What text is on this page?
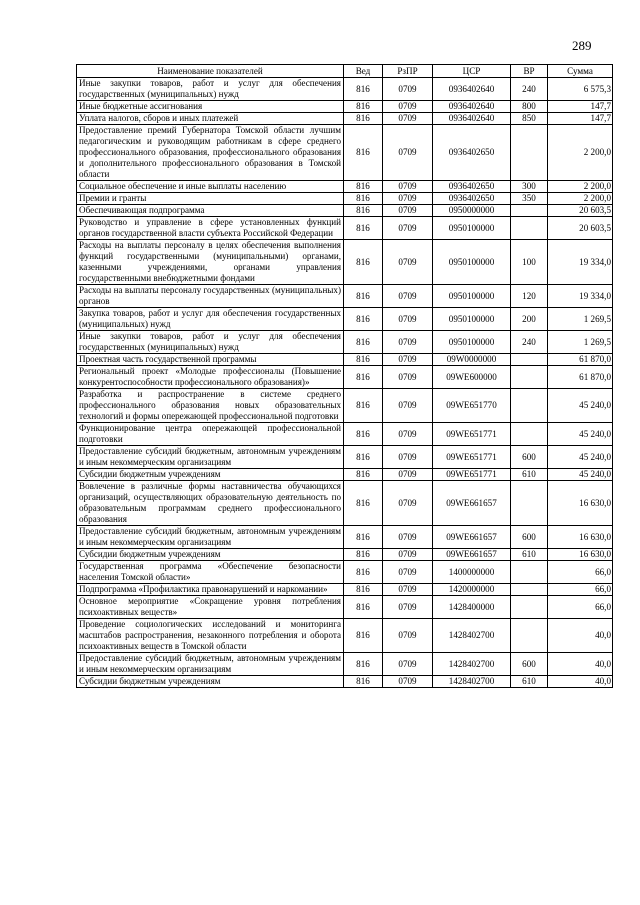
289
Наименование показателей	Вед	РзПР	ЦСР	ВР	Сумма
Иные закупки товаров, работ и услуг для обеспечения государственных (муниципальных) нужд	816	0709	0936402640	240	6 575,3
Иные бюджетные ассигнования	816	0709	0936402640	800	147,7
Уплата налогов, сборов и иных платежей	816	0709	0936402640	850	147,7
Предоставление премий Губернатора Томской области лучшим педагогическим и руководящим работникам в сфере среднего профессионального образования, профессионального образования и дополнительного профессионального образования в Томской области	816	0709	0936402650		2 200,0
Социальное обеспечение и иные выплаты населению	816	0709	0936402650	300	2 200,0
Премии и гранты	816	0709	0936402650	350	2 200,0
Обеспечивающая подпрограмма	816	0709	0950000000		20 603,5
Руководство и управление в сфере установленных функций органов государственной власти субъекта Российской Федерации	816	0709	0950100000		20 603,5
Расходы на выплаты персоналу в целях обеспечения выполнения функций государственными (муниципальными) органами, казенными учреждениями, органами управления государственными внебюджетными фондами	816	0709	0950100000	100	19 334,0
Расходы на выплаты персоналу государственных (муниципальных) органов	816	0709	0950100000	120	19 334,0
Закупка товаров, работ и услуг для обеспечения государственных (муниципальных) нужд	816	0709	0950100000	200	1 269,5
Иные закупки товаров, работ и услуг для обеспечения государственных (муниципальных) нужд	816	0709	0950100000	240	1 269,5
Проектная часть государственной программы	816	0709	09W0000000		61 870,0
Региональный проект «Молодые профессионалы (Повышение конкурентоспособности профессионального образования)»	816	0709	09WE600000		61 870,0
Разработка и распространение в системе среднего профессионального образования новых образовательных технологий и формы опережающей профессиональной подготовки	816	0709	09WE651770		45 240,0
Функционирование центра опережающей профессиональной подготовки	816	0709	09WE651771		45 240,0
Предоставление субсидий бюджетным, автономным учреждениям и иным некоммерческим организациям	816	0709	09WE651771	600	45 240,0
Субсидии бюджетным учреждениям	816	0709	09WE651771	610	45 240,0
Вовлечение в различные формы наставничества обучающихся организаций, осуществляющих образовательную деятельность по образовательным программам среднего профессионального образования	816	0709	09WE661657		16 630,0
Предоставление субсидий бюджетным, автономным учреждениям и иным некоммерческим организациям	816	0709	09WE661657	600	16 630,0
Субсидии бюджетным учреждениям	816	0709	09WE661657	610	16 630,0
Государственная программа «Обеспечение безопасности населения Томской области»	816	0709	1400000000		66,0
Подпрограмма «Профилактика правонарушений и наркомании»	816	0709	1420000000		66,0
Основное мероприятие «Сокращение уровня потребления психоактивных веществ»	816	0709	1428400000		66,0
Проведение социологических исследований и мониторинга масштабов распространения, незаконного потребления и оборота психоактивных веществ в Томской области	816	0709	1428402700		40,0
Предоставление субсидий бюджетным, автономным учреждениям и иным некоммерческим организациям	816	0709	1428402700	600	40,0
Субсидии бюджетным учреждениям	816	0709	1428402700	610	40,0
